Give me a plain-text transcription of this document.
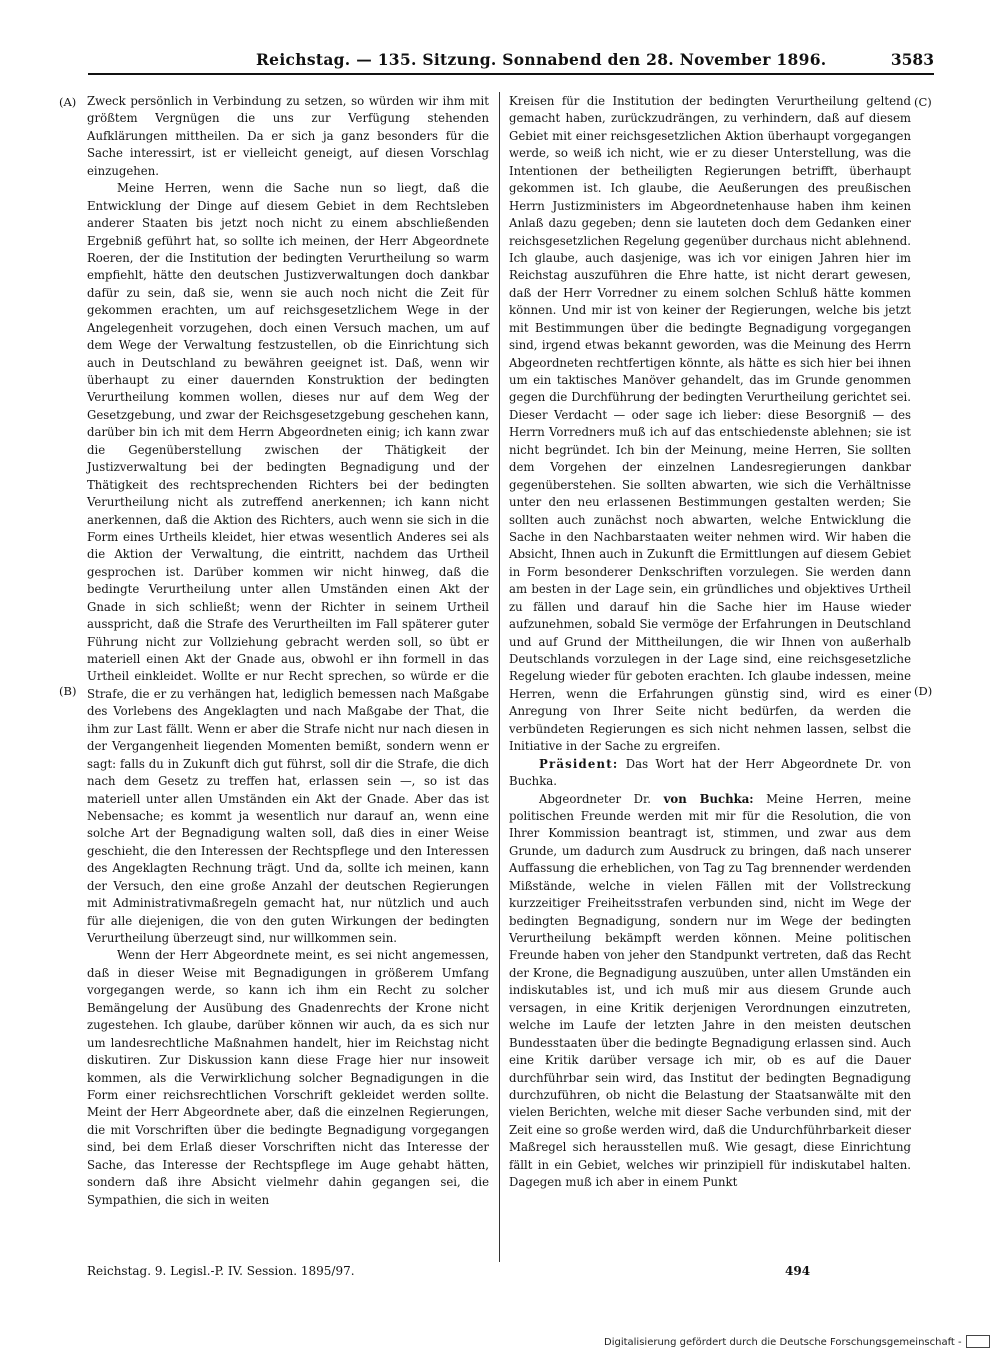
Reichstag. — 135. Sitzung. Sonnabend den 28. November 1896.	3583
(A)
(B)
(C)
(D)

Zweck persönlich in Verbindung zu setzen, so würden wir ihm mit größtem Vergnügen die uns zur Verfügung stehenden Aufklärungen mittheilen. Da er sich ja ganz besonders für die Sache interessirt, ist er vielleicht geneigt, auf diesen Vorschlag einzugehen.

Meine Herren, wenn die Sache nun so liegt, daß die Entwicklung der Dinge auf diesem Gebiet in dem Rechtsleben anderer Staaten bis jetzt noch nicht zu einem abschließenden Ergebniß geführt hat, so sollte ich meinen, der Herr Abgeordnete Roeren, der die Institution der bedingten Verurtheilung so warm empfiehlt, hätte den deutschen Justizverwaltungen doch dankbar dafür zu sein, daß sie, wenn sie auch noch nicht die Zeit für gekommen erachten, um auf reichsgesetzlichem Wege in der Angelegenheit vorzugehen, doch einen Versuch machen, um auf dem Wege der Verwaltung festzustellen, ob die Einrichtung sich auch in Deutschland zu bewähren geeignet ist. Daß, wenn wir überhaupt zu einer dauernden Konstruktion der bedingten Verurtheilung kommen wollen, dieses nur auf dem Weg der Gesetzgebung, und zwar der Reichsgesetzgebung geschehen kann, darüber bin ich mit dem Herrn Abgeordneten einig; ich kann zwar die Gegenüberstellung zwischen der Thätigkeit der Justizverwaltung bei der bedingten Begnadigung und der Thätigkeit des rechtsprechenden Richters bei der bedingten Verurtheilung nicht als zutreffend anerkennen; ich kann nicht anerkennen, daß die Aktion des Richters, auch wenn sie sich in die Form eines Urtheils kleidet, hier etwas wesentlich Anderes sei als die Aktion der Verwaltung, die eintritt, nachdem das Urtheil gesprochen ist. Darüber kommen wir nicht hinweg, daß die bedingte Verurtheilung unter allen Umständen einen Akt der Gnade in sich schließt; wenn der Richter in seinem Urtheil ausspricht, daß die Strafe des Verurtheilten im Fall späterer guter Führung nicht zur Vollziehung gebracht werden soll, so übt er materiell einen Akt der Gnade aus, obwohl er ihn formell in das Urtheil einkleidet. Wollte er nur Recht sprechen, so würde er die Strafe, die er zu verhängen hat, lediglich bemessen nach Maßgabe des Vorlebens des Angeklagten und nach Maßgabe der That, die ihm zur Last fällt. Wenn er aber die Strafe nicht nur nach diesen in der Vergangenheit liegenden Momenten bemißt, sondern wenn er sagt: falls du in Zukunft dich gut führst, soll dir die Strafe, die dich nach dem Gesetz zu treffen hat, erlassen sein —, so ist das materiell unter allen Umständen ein Akt der Gnade. Aber das ist Nebensache; es kommt ja wesentlich nur darauf an, wenn eine solche Art der Begnadigung walten soll, daß dies in einer Weise geschieht, die den Interessen der Rechtspflege und den Interessen des Angeklagten Rechnung trägt. Und da, sollte ich meinen, kann der Versuch, den eine große Anzahl der deutschen Regierungen mit Administrativmaßregeln gemacht hat, nur nützlich und auch für alle diejenigen, die von den guten Wirkungen der bedingten Verurtheilung überzeugt sind, nur willkommen sein.

Wenn der Herr Abgeordnete meint, es sei nicht angemessen, daß in dieser Weise mit Begnadigungen in größerem Umfang vorgegangen werde, so kann ich ihm ein Recht zu solcher Bemängelung der Ausübung des Gnadenrechts der Krone nicht zugestehen. Ich glaube, darüber können wir auch, da es sich nur um landesrechtliche Maßnahmen handelt, hier im Reichstag nicht diskutiren. Zur Diskussion kann diese Frage hier nur insoweit kommen, als die Verwirklichung solcher Begnadigungen in die Form einer reichsrechtlichen Vorschrift gekleidet werden sollte. Meint der Herr Abgeordnete aber, daß die einzelnen Regierungen, die mit Vorschriften über die bedingte Begnadigung vorgegangen sind, bei dem Erlaß dieser Vorschriften nicht das Interesse der Sache, das Interesse der Rechtspflege im Auge gehabt hätten, sondern daß ihre Absicht vielmehr dahin gegangen sei, die Sympathien, die sich in weiten

Kreisen für die Institution der bedingten Verurtheilung geltend gemacht haben, zurückzudrängen, zu verhindern, daß auf diesem Gebiet mit einer reichsgesetzlichen Aktion überhaupt vorgegangen werde, so weiß ich nicht, wie er zu dieser Unterstellung, was die Intentionen der betheiligten Regierungen betrifft, überhaupt gekommen ist. Ich glaube, die Aeußerungen des preußischen Herrn Justizministers im Abgeordnetenhause haben ihm keinen Anlaß dazu gegeben; denn sie lauteten doch dem Gedanken einer reichsgesetzlichen Regelung gegenüber durchaus nicht ablehnend. Ich glaube, auch dasjenige, was ich vor einigen Jahren hier im Reichstag auszuführen die Ehre hatte, ist nicht derart gewesen, daß der Herr Vorredner zu einem solchen Schluß hätte kommen können. Und mir ist von keiner der Regierungen, welche bis jetzt mit Bestimmungen über die bedingte Begnadigung vorgegangen sind, irgend etwas bekannt geworden, was die Meinung des Herrn Abgeordneten rechtfertigen könnte, als hätte es sich hier bei ihnen um ein taktisches Manöver gehandelt, das im Grunde genommen gegen die Durchführung der bedingten Verurtheilung gerichtet sei. Dieser Verdacht — oder sage ich lieber: diese Besorgniß — des Herrn Vorredners muß ich auf das entschiedenste ablehnen; sie ist nicht begründet. Ich bin der Meinung, meine Herren, Sie sollten dem Vorgehen der einzelnen Landesregierungen dankbar gegenüberstehen. Sie sollten abwarten, wie sich die Verhältnisse unter den neu erlassenen Bestimmungen gestalten werden; Sie sollten auch zunächst noch abwarten, welche Entwicklung die Sache in den Nachbarstaaten weiter nehmen wird. Wir haben die Absicht, Ihnen auch in Zukunft die Ermittlungen auf diesem Gebiet in Form besonderer Denkschriften vorzulegen. Sie werden dann am besten in der Lage sein, ein gründliches und objektives Urtheil zu fällen und darauf hin die Sache hier im Hause wieder aufzunehmen, sobald Sie vermöge der Erfahrungen in Deutschland und auf Grund der Mittheilungen, die wir Ihnen von außerhalb Deutschlands vorzulegen in der Lage sind, eine reichsgesetzliche Regelung wieder für geboten erachten. Ich glaube indessen, meine Herren, wenn die Erfahrungen günstig sind, wird es einer Anregung von Ihrer Seite nicht bedürfen, da werden die verbündeten Regierungen es sich nicht nehmen lassen, selbst die Initiative in der Sache zu ergreifen.

Präsident: Das Wort hat der Herr Abgeordnete Dr. von Buchka.

Abgeordneter Dr. von Buchka: Meine Herren, meine politischen Freunde werden mit mir für die Resolution, die von Ihrer Kommission beantragt ist, stimmen, und zwar aus dem Grunde, um dadurch zum Ausdruck zu bringen, daß nach unserer Auffassung die erheblichen, von Tag zu Tag brennender werdenden Mißstände, welche in vielen Fällen mit der Vollstreckung kurzzeitiger Freiheitsstrafen verbunden sind, nicht im Wege der bedingten Begnadigung, sondern nur im Wege der bedingten Verurtheilung bekämpft werden können. Meine politischen Freunde haben von jeher den Standpunkt vertreten, daß das Recht der Krone, die Begnadigung auszuüben, unter allen Umständen ein indiskutables ist, und ich muß mir aus diesem Grunde auch versagen, in eine Kritik derjenigen Verordnungen einzutreten, welche im Laufe der letzten Jahre in den meisten deutschen Bundesstaaten über die bedingte Begnadigung erlassen sind. Auch eine Kritik darüber versage ich mir, ob es auf die Dauer durchführbar sein wird, das Institut der bedingten Begnadigung durchzuführen, ob nicht die Belastung der Staatsanwälte mit den vielen Berichten, welche mit dieser Sache verbunden sind, mit der Zeit eine so große werden wird, daß die Undurchführbarkeit dieser Maßregel sich herausstellen muß. Wie gesagt, diese Einrichtung fällt in ein Gebiet, welches wir prinzipiell für indiskutabel halten. Dagegen muß ich aber in einem Punkt

Reichstag. 9. Legisl.-P. IV. Session. 1895/97.	494
Digitalisierung gefördert durch die Deutsche Forschungsgemeinschaft -
